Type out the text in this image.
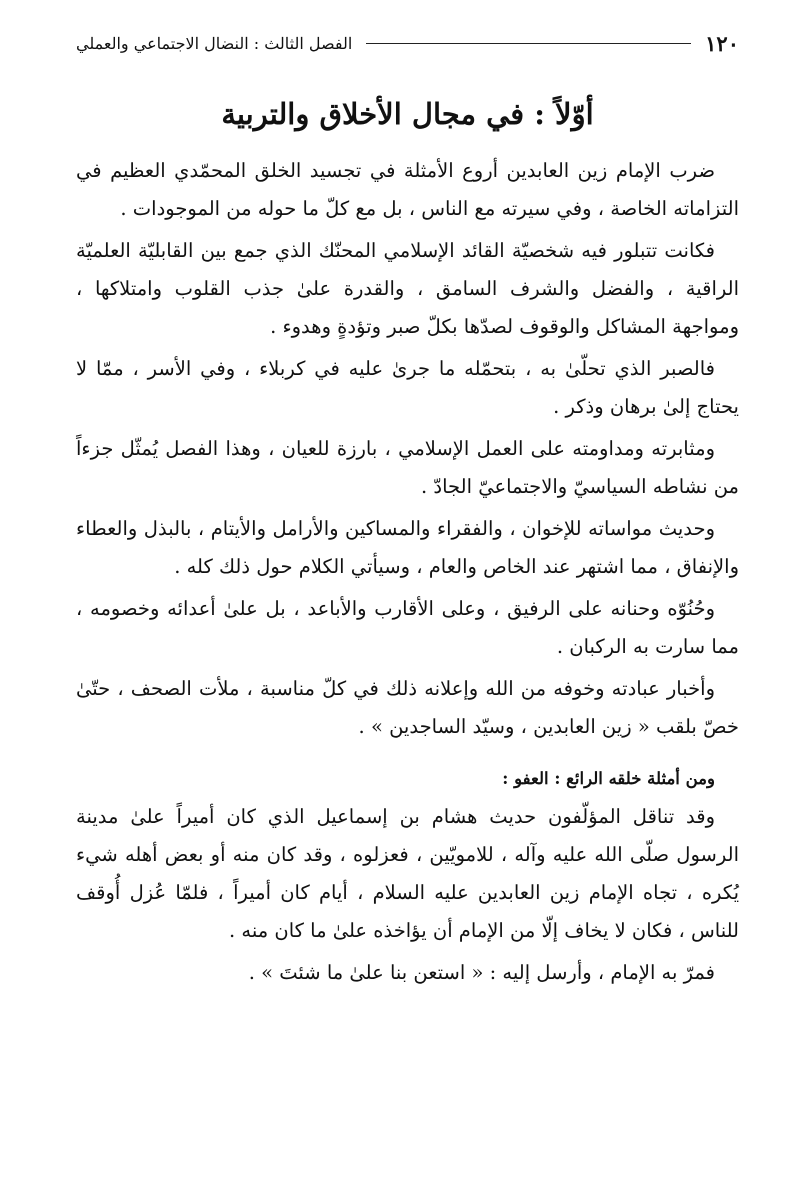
١٢٠
الفصل الثالث : النضال الاجتماعي والعملي
أوّلاً : في مجال الأخلاق والتربية

ضرب الإمام زين العابدين أروع الأمثلة في تجسيد الخلق المحمّدي العظيم في التزاماته الخاصة ، وفي سيرته مع الناس ، بل مع كلّ ما حوله من الموجودات .

فكانت تتبلور فيه شخصيّة القائد الإسلامي المحنّك الذي جمع بين القابليّة العلميّة الراقية ، والفضل والشرف السامق ، والقدرة علىٰ جذب القلوب وامتلاكها ، ومواجهة المشاكل والوقوف لصدّها بكلّ صبر وتؤدةٍ وهدوء .

فالصبر الذي تحلّىٰ به ، بتحمّله ما جرىٰ عليه في كربلاء ، وفي الأسر ، ممّا لا يحتاج إلىٰ برهان وذكر .

ومثابرته ومداومته على العمل الإسلامي ، بارزة للعيان ، وهذا الفصل يُمثّل جزءاً من نشاطه السياسيّ والاجتماعيّ الجادّ .

وحديث مواساته للإخوان ، والفقراء والمساكين والأرامل والأيتام ، بالبذل والعطاء والإنفاق ، مما اشتهر عند الخاص والعام ، وسيأتي الكلام حول ذلك كله .

وحُنُوّه وحنانه على الرفيق ، وعلى الأقارب والأباعد ، بل علىٰ أعدائه وخصومه ، مما سارت به الركبان .

وأخبار عبادته وخوفه من الله وإعلانه ذلك في كلّ مناسبة ، ملأت الصحف ، حتّىٰ خصّ بلقب « زين العابدين ، وسيّد الساجدين » .

ومن أمثلة خلقه الرائع : العفو :

وقد تناقل المؤلّفون حديث هشام بن إسماعيل الذي كان أميراً علىٰ مدينة الرسول صلّى الله عليه وآله ، للامويّين ، فعزلوه ، وقد كان منه أو بعض أهله شيء يُكره ، تجاه الإمام زين العابدين عليه السلام ، أيام كان أميراً ، فلمّا عُزل أُوقف للناس ، فكان لا يخاف إلّا من الإمام أن يؤاخذه علىٰ ما كان منه .

فمرّ به الإمام ، وأرسل إليه : « استعن بنا علىٰ ما شئتَ » .
